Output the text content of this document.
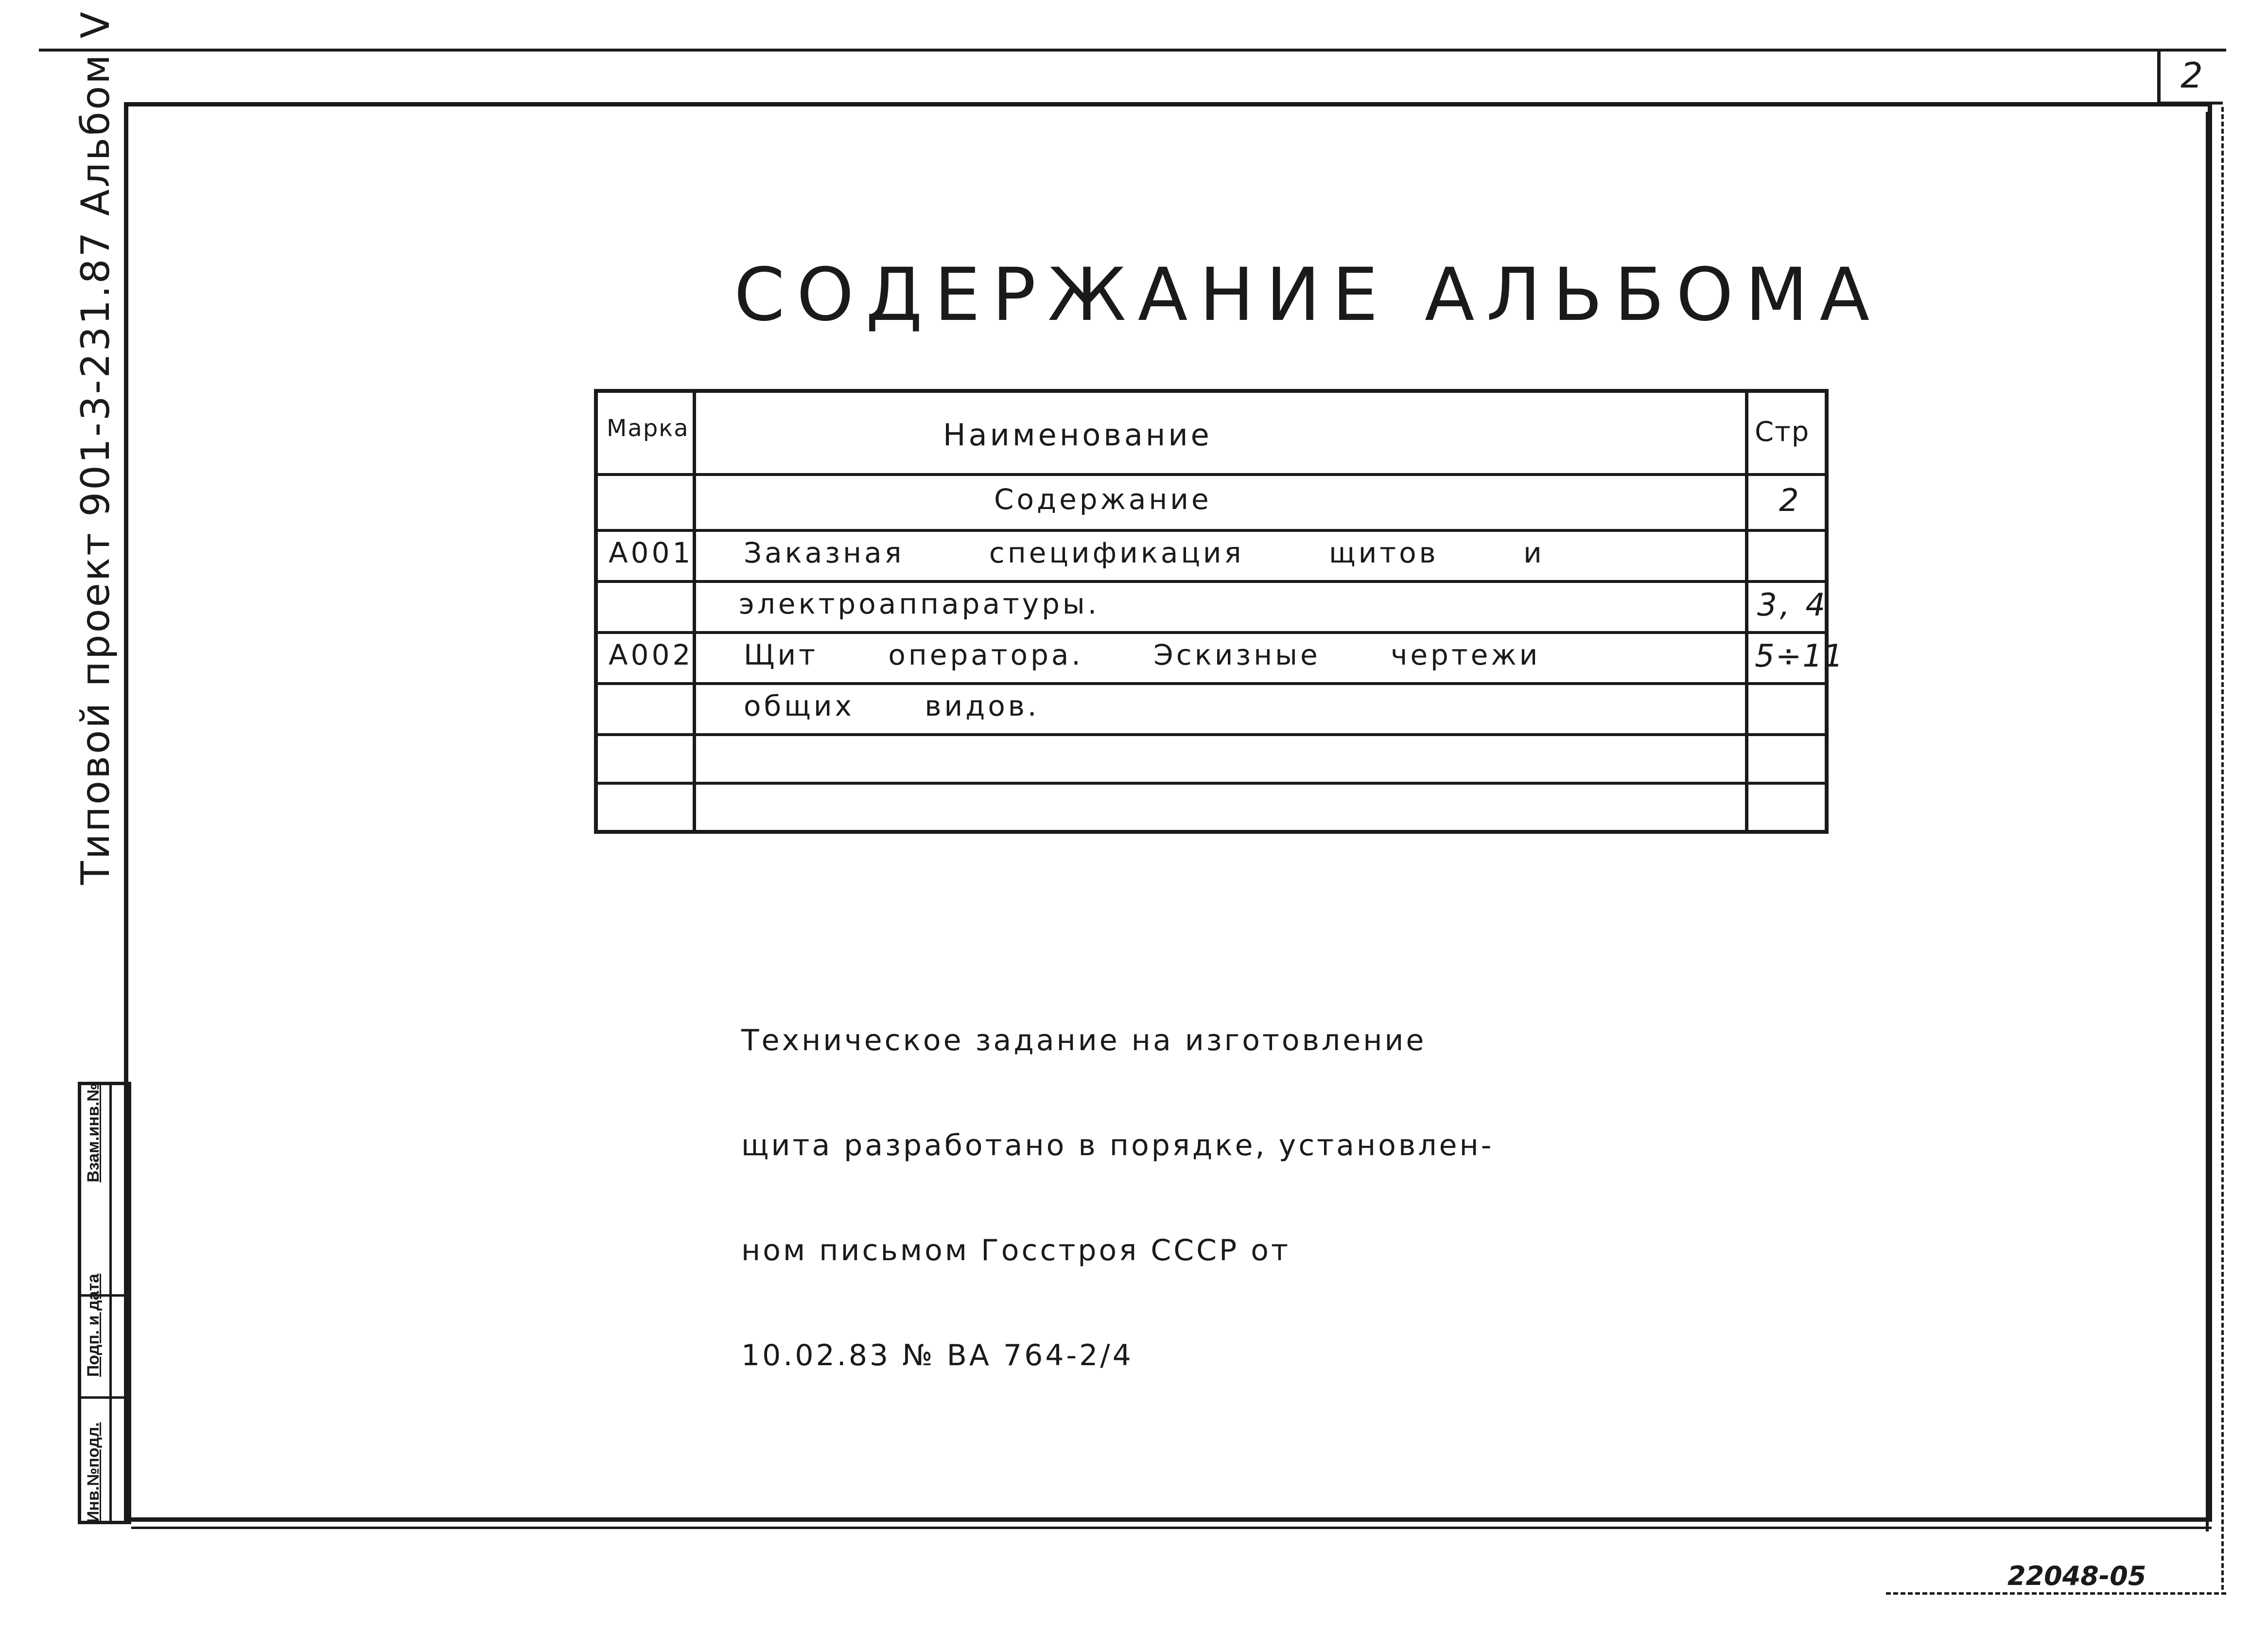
2
Типовой проект 901-3-231.87 Альбом V
Взам.инв.№
Подп. и дата
Инв.№подл.
СОДЕРЖАНИЕ АЛЬБОМА
Марка	Наименование	Стр
Содержание	2
A001 Заказная спецификация щитов и
электроаппаратуры.	3, 4
A002 Щит оператора. Эскизные чертежи	5÷11
общих видов.

Техническое задание на изготовление

щита разработано в порядке, установлен-

ном письмом Госстроя СССР от

10.02.83 № ВА 764-2/4

22048-05
